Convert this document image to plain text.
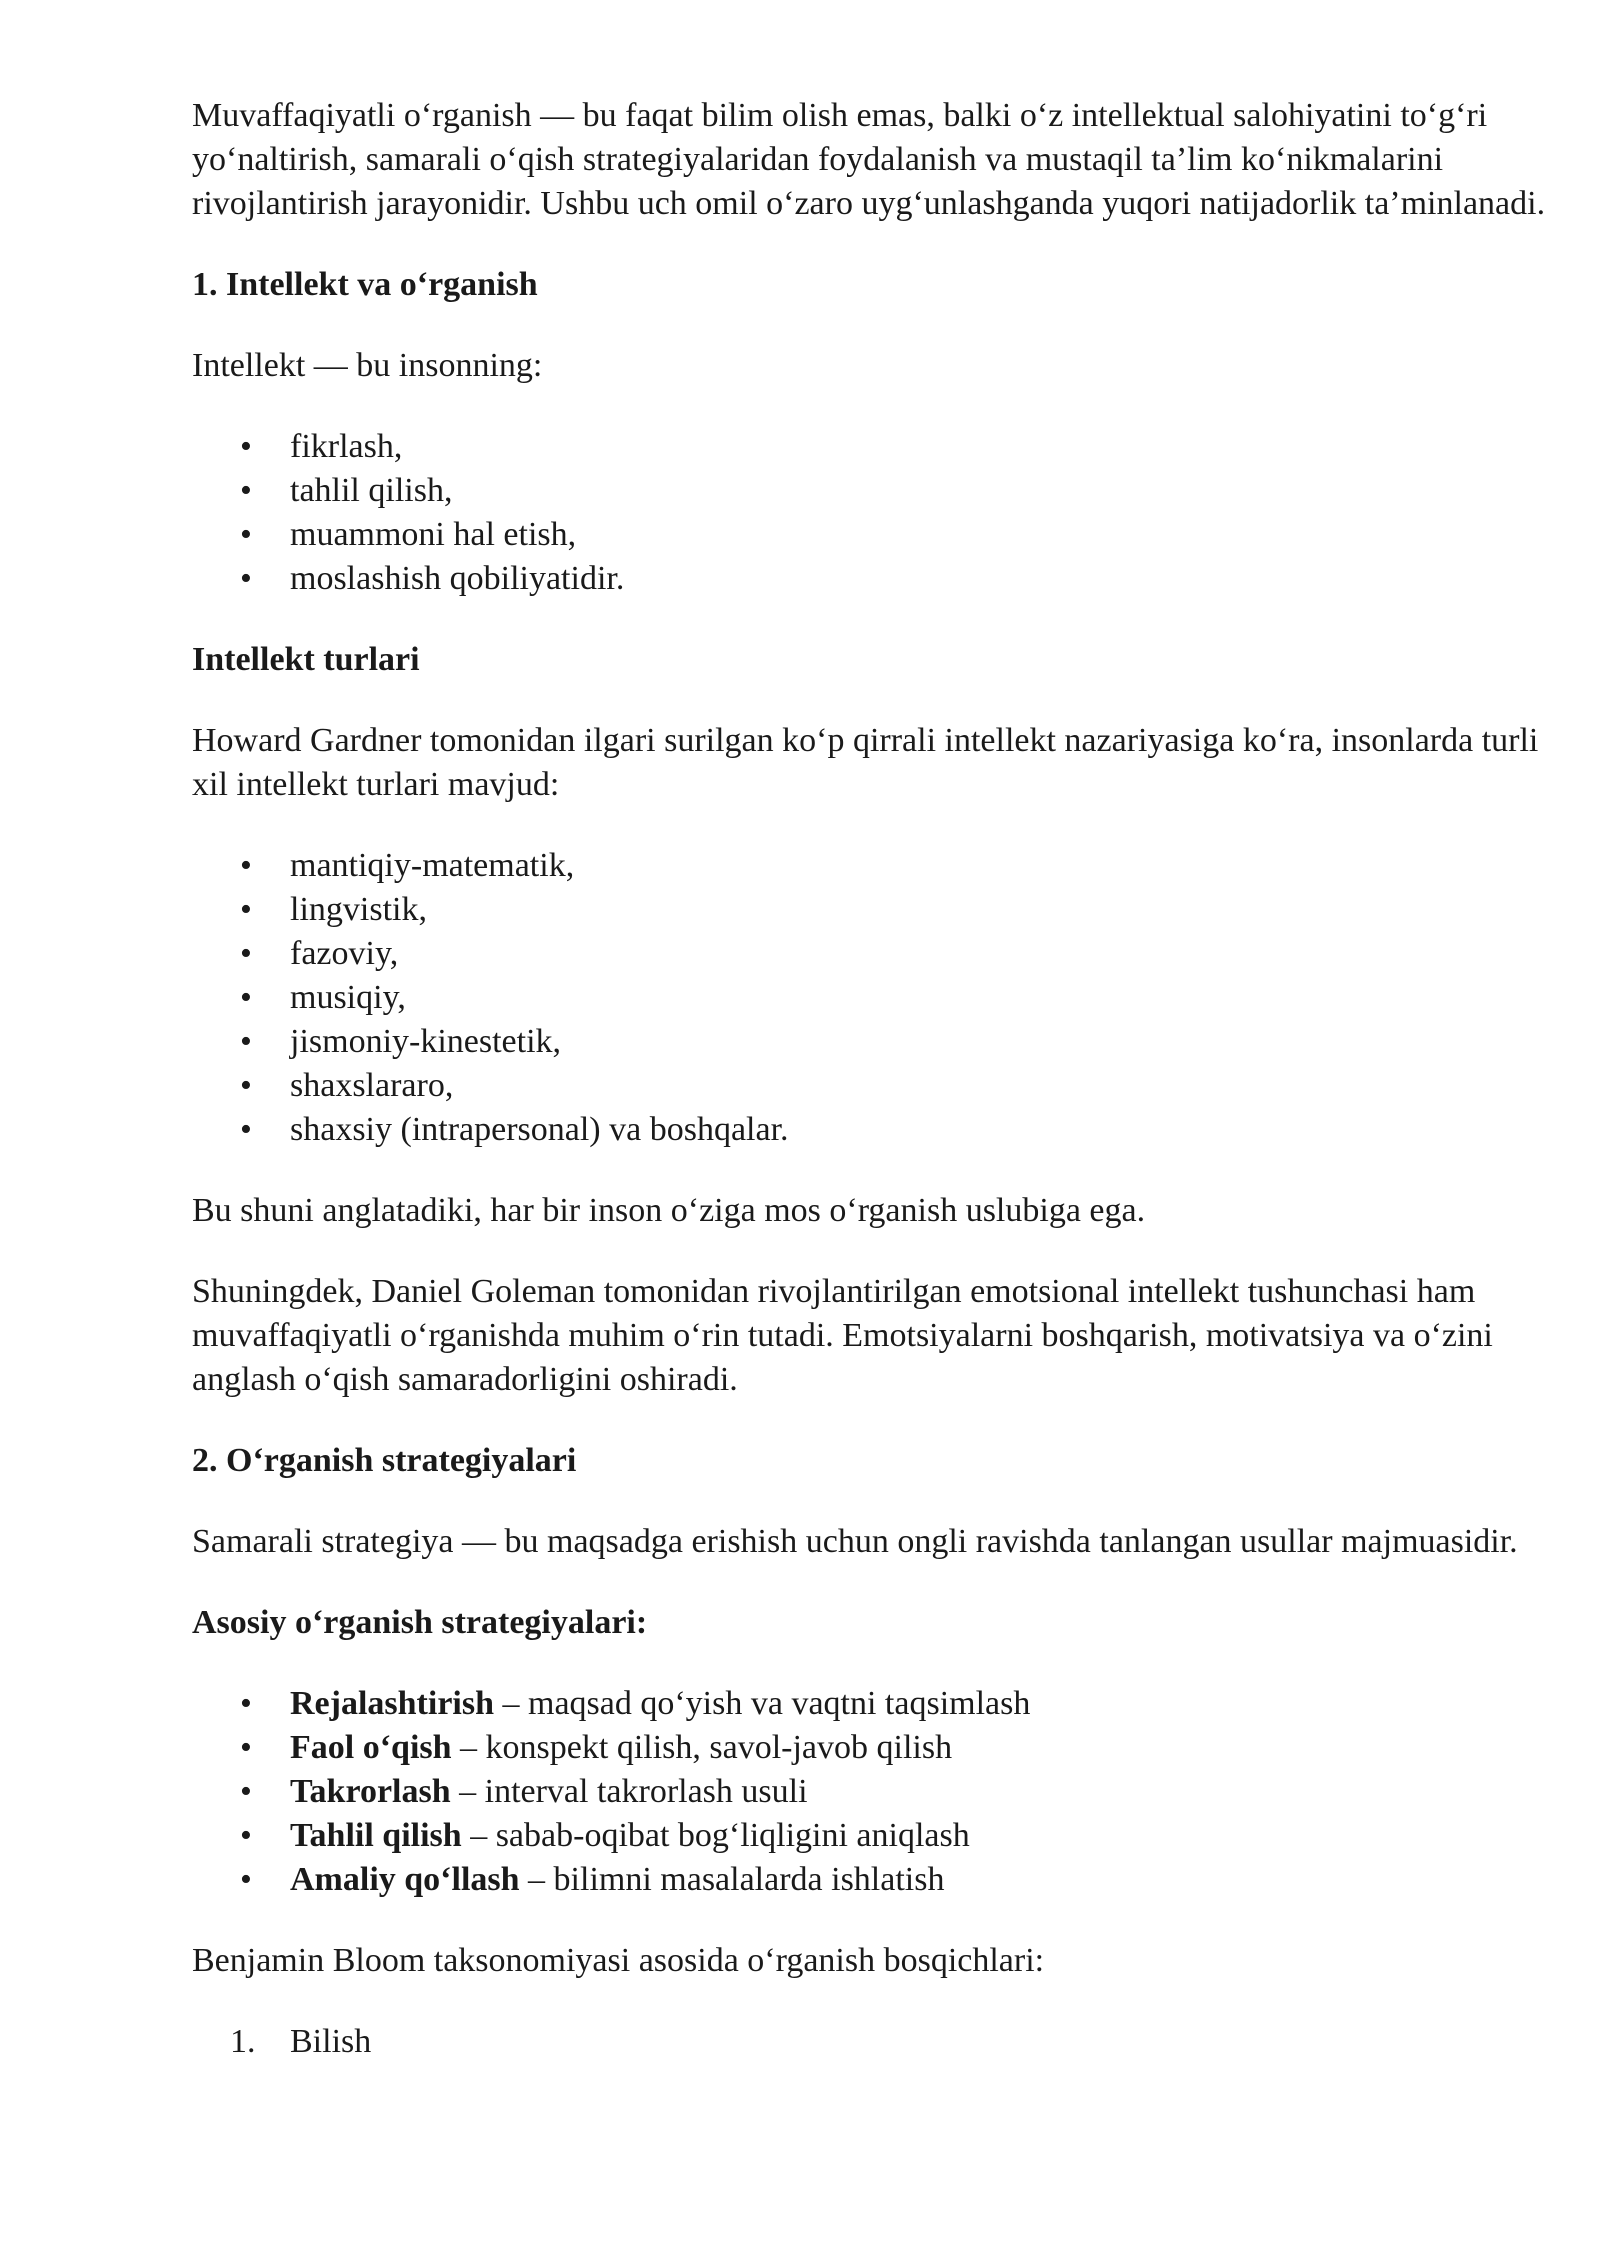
Muvaffaqiyatli o‘rganish — bu faqat bilim olish emas, balki o‘z intellektual salohiyatini to‘g‘ri yo‘naltirish, samarali o‘qish strategiyalaridan foydalanish va mustaqil ta’lim ko‘nikmalarini rivojlantirish jarayonidir. Ushbu uch omil o‘zaro uyg‘unlashganda yuqori natijadorlik ta’minlanadi.

1. Intellekt va o‘rganish

Intellekt — bu insonning:

• fikrlash,
• tahlil qilish,
• muammoni hal etish,
• moslashish qobiliyatidir.

Intellekt turlari

Howard Gardner tomonidan ilgari surilgan ko‘p qirrali intellekt nazariyasiga ko‘ra, insonlarda turli xil intellekt turlari mavjud:

• mantiqiy-matematik,
• lingvistik,
• fazoviy,
• musiqiy,
• jismoniy-kinestetik,
• shaxslararo,
• shaxsiy (intrapersonal) va boshqalar.

Bu shuni anglatadiki, har bir inson o‘ziga mos o‘rganish uslubiga ega.

Shuningdek, Daniel Goleman tomonidan rivojlantirilgan emotsional intellekt tushunchasi ham muvaffaqiyatli o‘rganishda muhim o‘rin tutadi. Emotsiyalarni boshqarish, motivatsiya va o‘zini anglash o‘qish samaradorligini oshiradi.

2. O‘rganish strategiyalari

Samarali strategiya — bu maqsadga erishish uchun ongli ravishda tanlangan usullar majmuasidir.

Asosiy o‘rganish strategiyalari:

• Rejalashtirish – maqsad qo‘yish va vaqtni taqsimlash
• Faol o‘qish – konspekt qilish, savol-javob qilish
• Takrorlash – interval takrorlash usuli
• Tahlil qilish – sabab-oqibat bog‘liqligini aniqlash
• Amaliy qo‘llash – bilimni masalalarda ishlatish

Benjamin Bloom taksonomiyasi asosida o‘rganish bosqichlari:

1. Bilish
